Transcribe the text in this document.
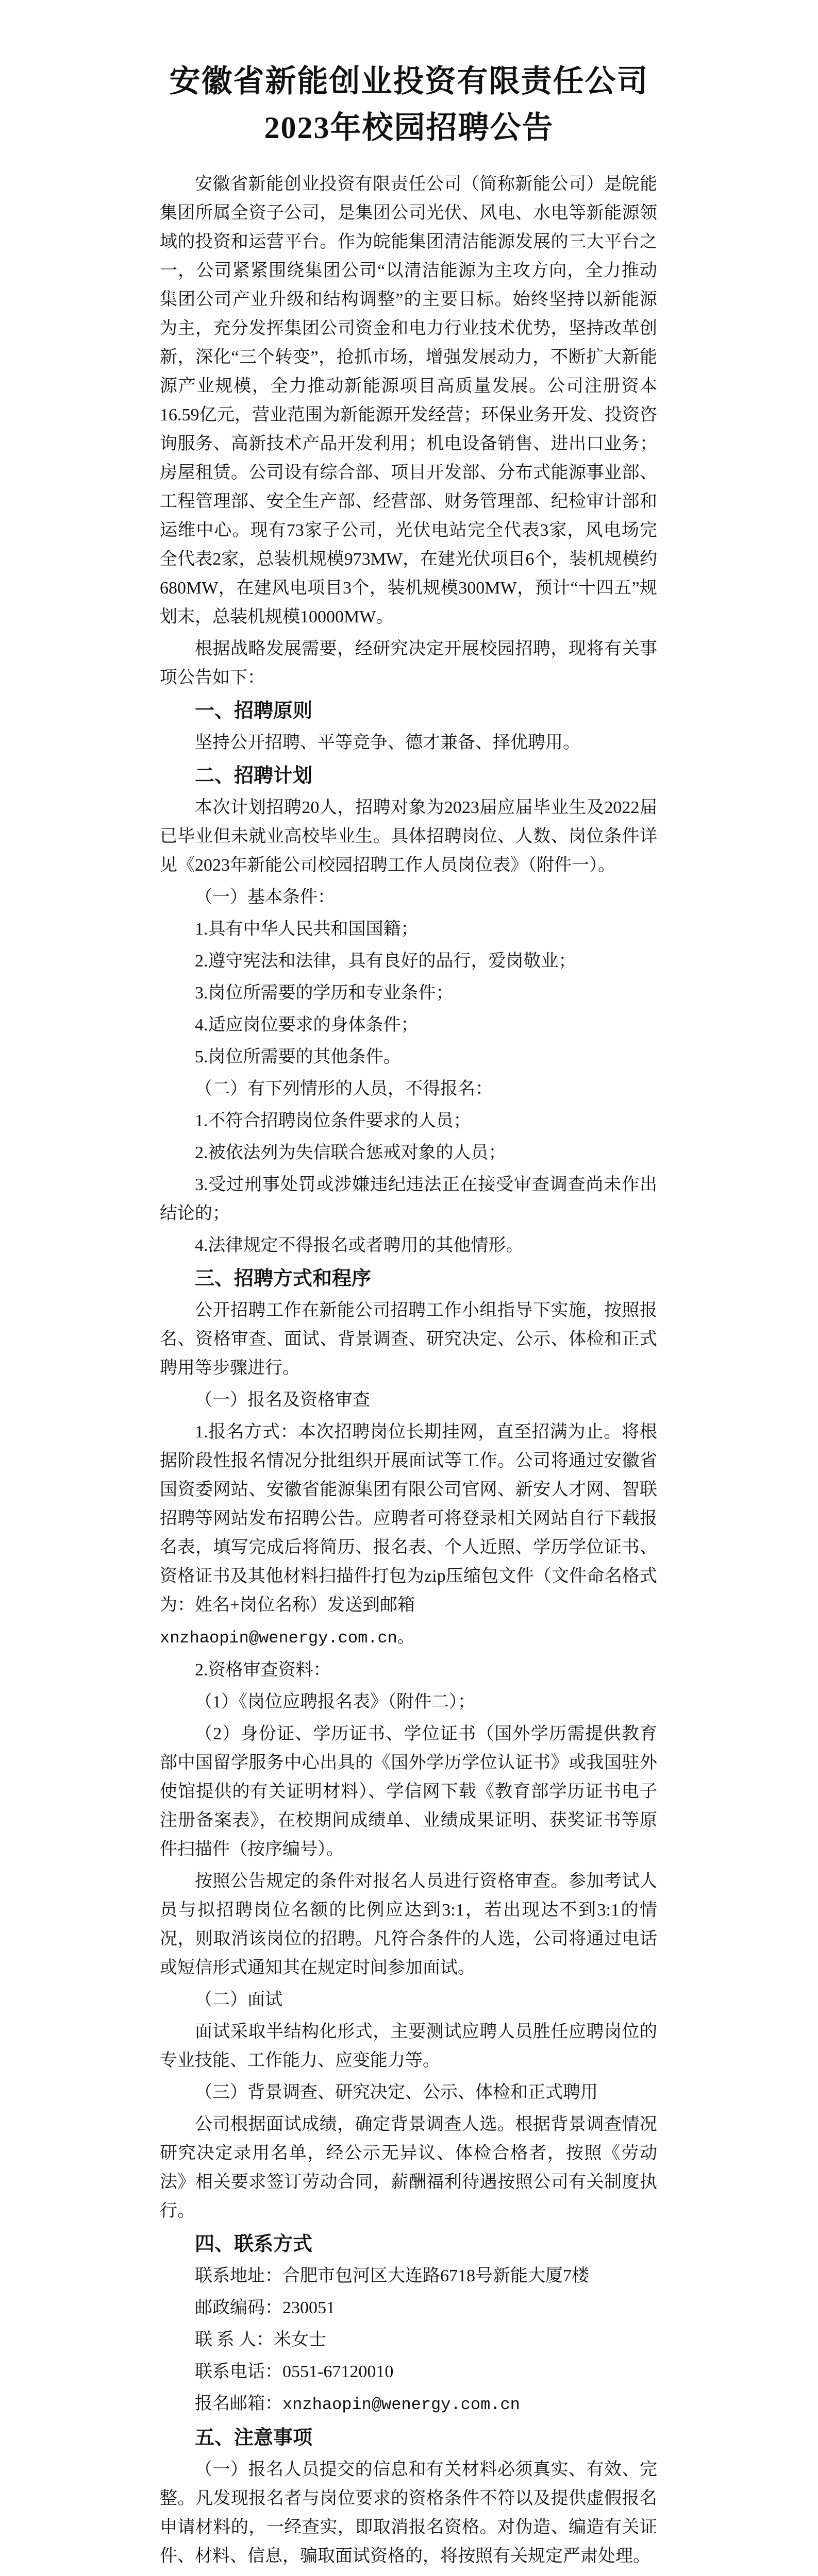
安徽省新能创业投资有限责任公司
2023年校园招聘公告

安徽省新能创业投资有限责任公司（简称新能公司）是皖能集团所属全资子公司，是集团公司光伏、风电、水电等新能源领域的投资和运营平台。作为皖能集团清洁能源发展的三大平台之一，公司紧紧围绕集团公司“以清洁能源为主攻方向，全力推动集团公司产业升级和结构调整”的主要目标。始终坚持以新能源为主，充分发挥集团公司资金和电力行业技术优势，坚持改革创新，深化“三个转变”，抢抓市场，增强发展动力，不断扩大新能源产业规模，全力推动新能源项目高质量发展。公司注册资本16.59亿元，营业范围为新能源开发经营；环保业务开发、投资咨询服务、高新技术产品开发利用；机电设备销售、进出口业务；房屋租赁。公司设有综合部、项目开发部、分布式能源事业部、工程管理部、安全生产部、经营部、财务管理部、纪检审计部和运维中心。现有73家子公司，光伏电站完全代表3家，风电场完全代表2家，总装机规模973MW，在建光伏项目6个，装机规模约680MW，在建风电项目3个，装机规模300MW，预计“十四五”规划末，总装机规模10000MW。

根据战略发展需要，经研究决定开展校园招聘，现将有关事项公告如下：

一、招聘原则

坚持公开招聘、平等竞争、德才兼备、择优聘用。

二、招聘计划

本次计划招聘20人，招聘对象为2023届应届毕业生及2022届已毕业但未就业高校毕业生。具体招聘岗位、人数、岗位条件详见《2023年新能公司校园招聘工作人员岗位表》（附件一）。

（一）基本条件：

1.具有中华人民共和国国籍；

2.遵守宪法和法律，具有良好的品行，爱岗敬业；

3.岗位所需要的学历和专业条件；

4.适应岗位要求的身体条件；

5.岗位所需要的其他条件。

（二）有下列情形的人员，不得报名：

1.不符合招聘岗位条件要求的人员；

2.被依法列为失信联合惩戒对象的人员；

3.受过刑事处罚或涉嫌违纪违法正在接受审查调查尚未作出结论的；

4.法律规定不得报名或者聘用的其他情形。

三、招聘方式和程序

公开招聘工作在新能公司招聘工作小组指导下实施，按照报名、资格审查、面试、背景调查、研究决定、公示、体检和正式聘用等步骤进行。

（一）报名及资格审查

1.报名方式：本次招聘岗位长期挂网，直至招满为止。将根据阶段性报名情况分批组织开展面试等工作。公司将通过安徽省国资委网站、安徽省能源集团有限公司官网、新安人才网、智联招聘等网站发布招聘公告。应聘者可将登录相关网站自行下载报名表，填写完成后将简历、报名表、个人近照、学历学位证书、资格证书及其他材料扫描件打包为zip压缩包文件（文件命名格式为：姓名+岗位名称）发送到邮箱

xnzhaopin@wenergy.com.cn。

2.资格审查资料：

（1）《岗位应聘报名表》（附件二）；

（2）身份证、学历证书、学位证书（国外学历需提供教育部中国留学服务中心出具的《国外学历学位认证书》或我国驻外使馆提供的有关证明材料）、学信网下载《教育部学历证书电子注册备案表》，在校期间成绩单、业绩成果证明、获奖证书等原件扫描件（按序编号）。

按照公告规定的条件对报名人员进行资格审查。参加考试人员与拟招聘岗位名额的比例应达到3:1，若出现达不到3:1的情况，则取消该岗位的招聘。凡符合条件的人选，公司将通过电话或短信形式通知其在规定时间参加面试。

（二）面试

面试采取半结构化形式，主要测试应聘人员胜任应聘岗位的专业技能、工作能力、应变能力等。

（三）背景调查、研究决定、公示、体检和正式聘用

公司根据面试成绩，确定背景调查人选。根据背景调查情况研究决定录用名单，经公示无异议、体检合格者，按照《劳动法》相关要求签订劳动合同，薪酬福利待遇按照公司有关制度执行。

四、联系方式

联系地址：合肥市包河区大连路6718号新能大厦7楼

邮政编码：230051

联 系 人：米女士

联系电话：0551-67120010

报名邮箱：xnzhaopin@wenergy.com.cn

五、注意事项

（一）报名人员提交的信息和有关材料必须真实、有效、完整。凡发现报名者与岗位要求的资格条件不符以及提供虚假报名申请材料的，一经查实，即取消报名资格。对伪造、编造有关证件、材料、信息，骗取面试资格的，将按照有关规定严肃处理。
